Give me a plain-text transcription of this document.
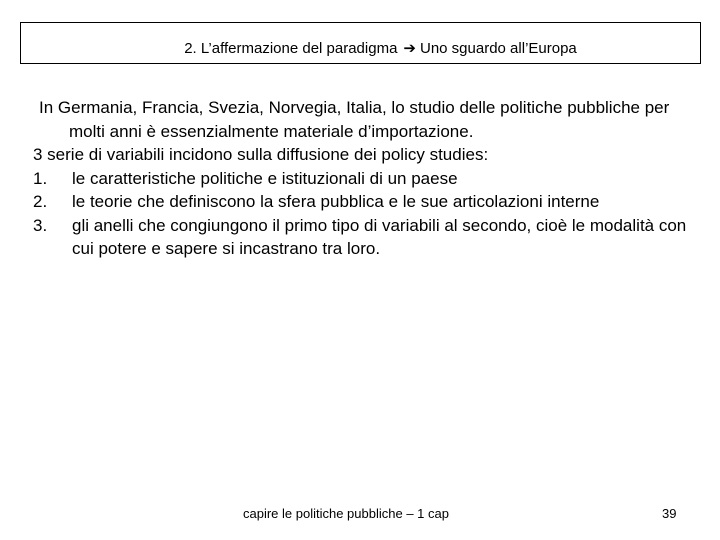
2. L’affermazione del paradigma ➔ Uno sguardo all’Europa

In Germania, Francia, Svezia, Norvegia, Italia, lo studio delle politiche pubbliche per molti anni è essenzialmente materiale d’importazione.

3 serie di variabili incidono sulla diffusione dei policy studies:

1.	le caratteristiche politiche e istituzionali di un paese
2.	le teorie che definiscono la sfera pubblica e le sue articolazioni interne
3.	gli anelli che congiungono il primo tipo di variabili al secondo, cioè le modalità con cui potere e sapere si incastrano tra loro.
capire le politiche pubbliche – 1 cap	39
